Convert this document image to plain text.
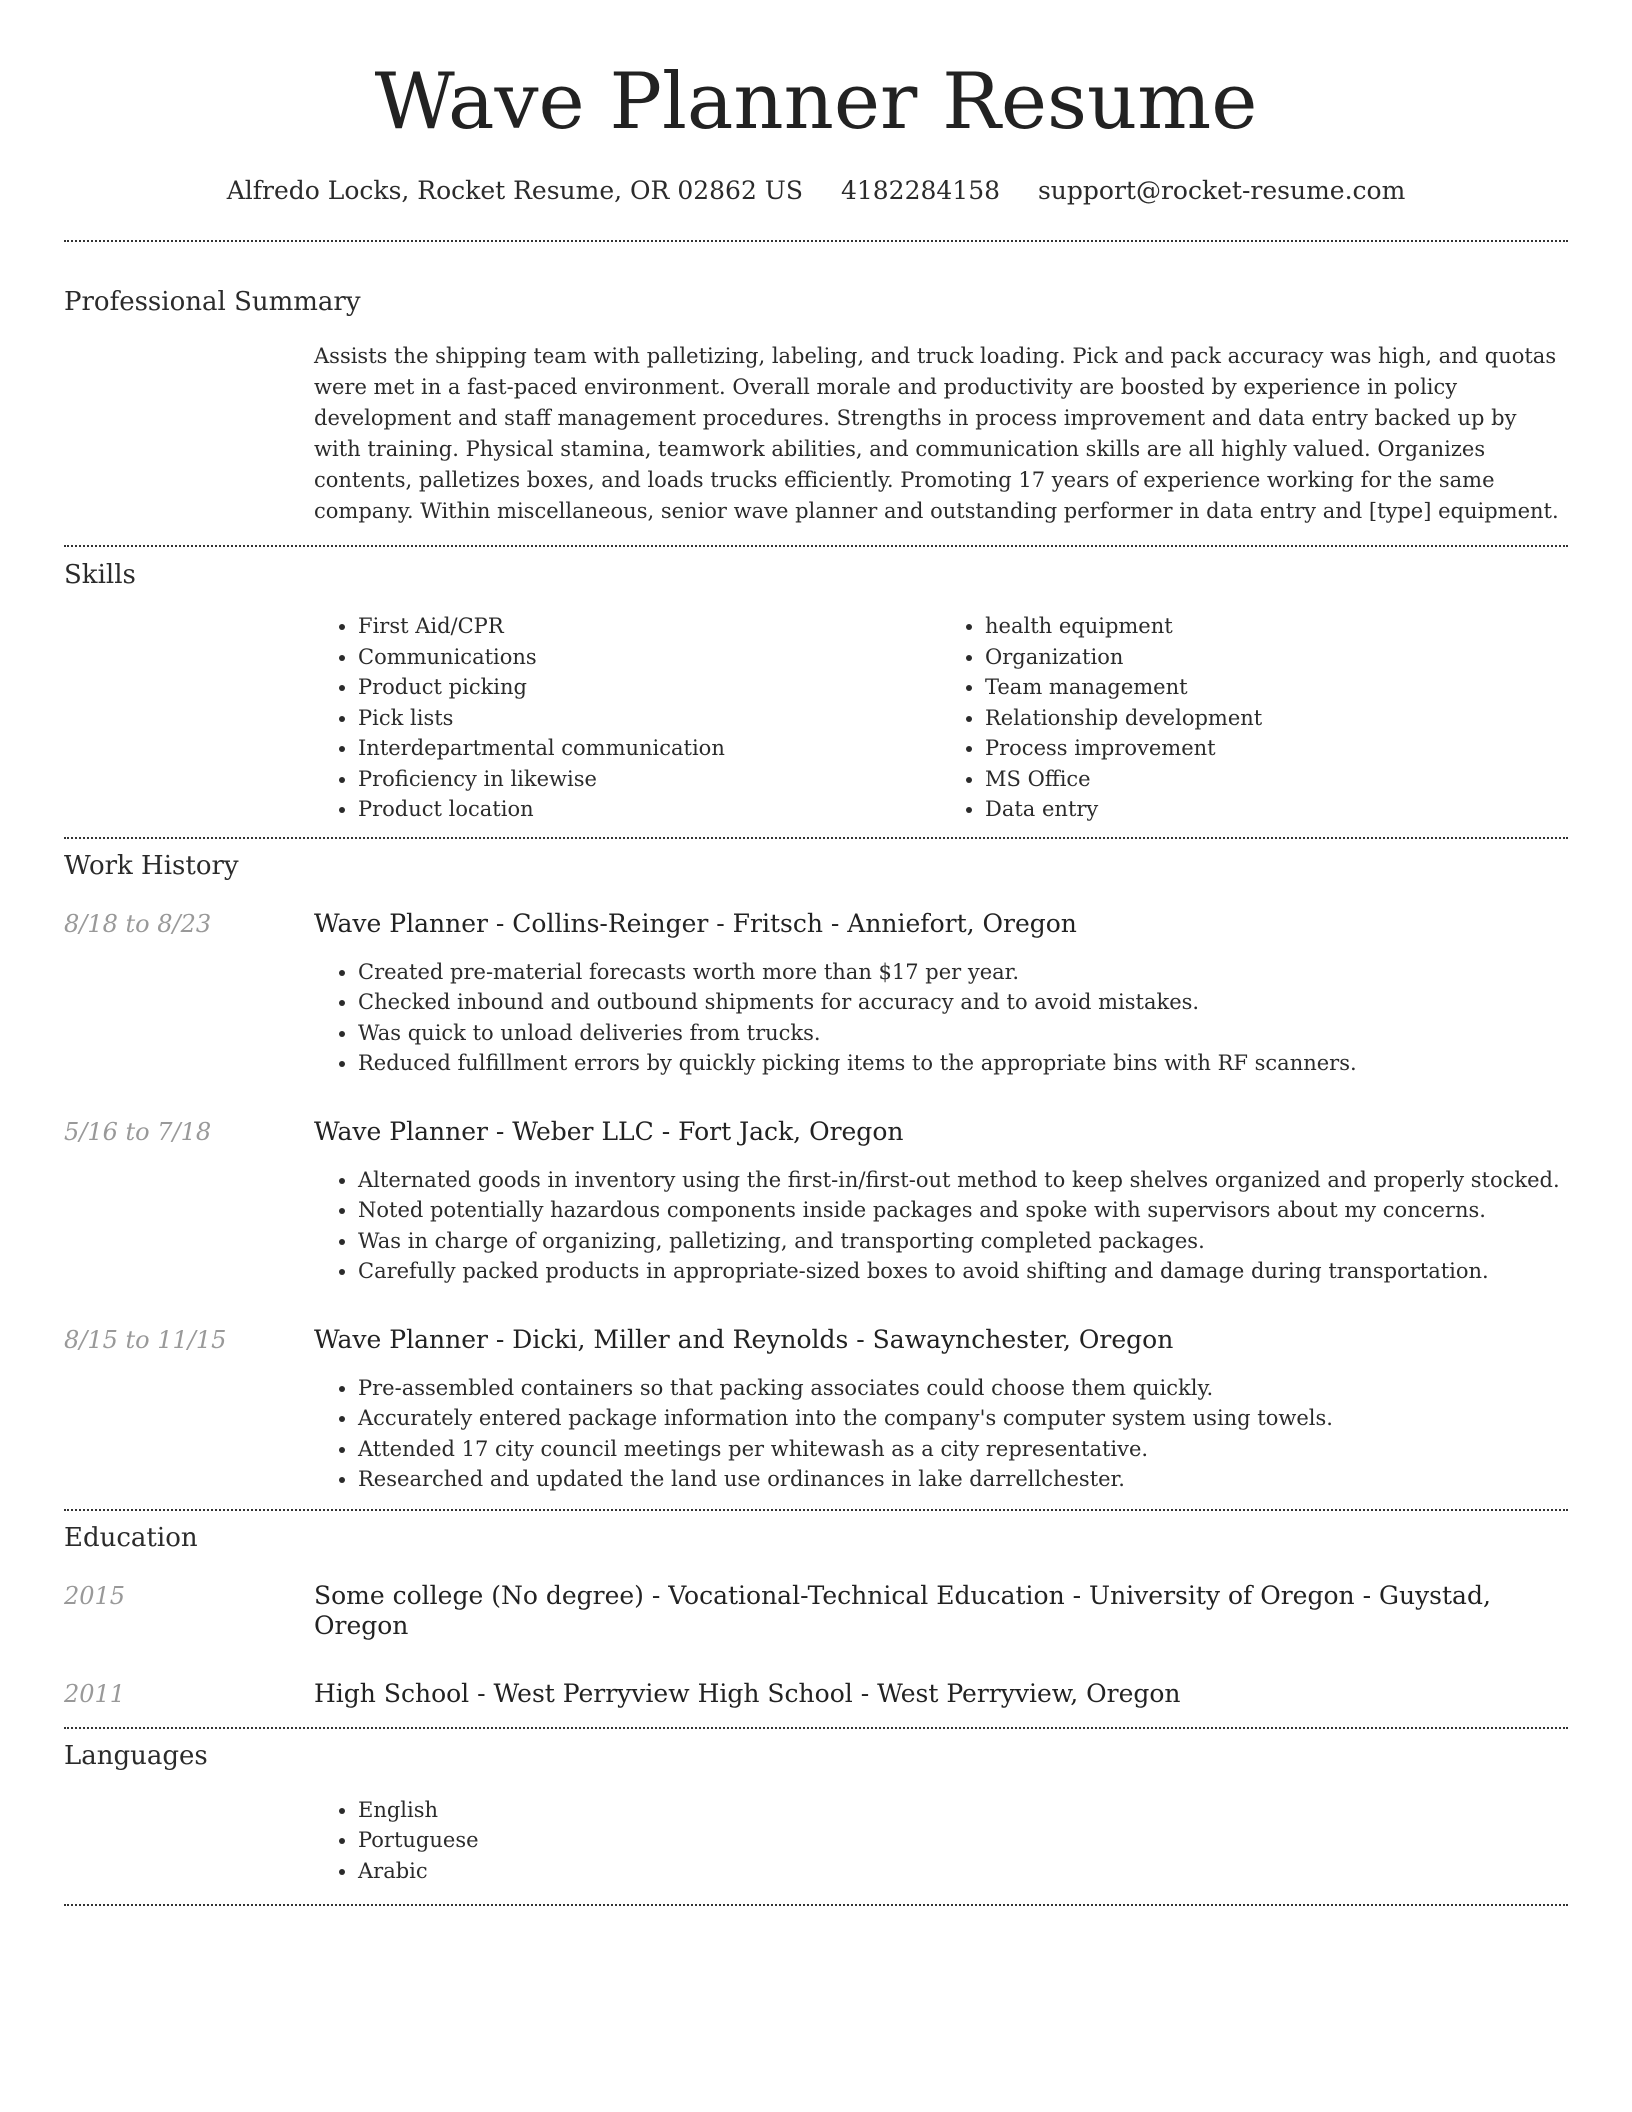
Wave Planner Resume
Alfredo Locks, Rocket Resume, OR 02862 US 4182284158 support@rocket-resume.com
Professional Summary

Assists the shipping team with palletizing, labeling, and truck loading. Pick and pack accuracy was high, and quotas were met in a fast-paced environment. Overall morale and productivity are boosted by experience in policy development and staff management procedures. Strengths in process improvement and data entry backed up by with training. Physical stamina, teamwork abilities, and communication skills are all highly valued. Organizes contents, palletizes boxes, and loads trucks efficiently. Promoting 17 years of experience working for the same company. Within miscellaneous, senior wave planner and outstanding performer in data entry and [type] equipment.

Skills
• First Aid/CPR
• Communications
• Product picking
• Pick lists
• Interdepartmental communication
• Proficiency in likewise
• Product location
• health equipment
• Organization
• Team management
• Relationship development
• Process improvement
• MS Office
• Data entry
Work History
8/18 to 8/23	Wave Planner - Collins-Reinger - Fritsch - Anniefort, Oregon

• Created pre-material forecasts worth more than $17 per year.
• Checked inbound and outbound shipments for accuracy and to avoid mistakes.
• Was quick to unload deliveries from trucks.
• Reduced fulfillment errors by quickly picking items to the appropriate bins with RF scanners.
5/16 to 7/18	Wave Planner - Weber LLC - Fort Jack, Oregon

• Alternated goods in inventory using the first-in/first-out method to keep shelves organized and properly stocked.
• Noted potentially hazardous components inside packages and spoke with supervisors about my concerns.
• Was in charge of organizing, palletizing, and transporting completed packages.
• Carefully packed products in appropriate-sized boxes to avoid shifting and damage during transportation.
8/15 to 11/15	Wave Planner - Dicki, Miller and Reynolds - Sawaynchester, Oregon

• Pre-assembled containers so that packing associates could choose them quickly.
• Accurately entered package information into the company's computer system using towels.
• Attended 17 city council meetings per whitewash as a city representative.
• Researched and updated the land use ordinances in lake darrellchester.
Education
2015	Some college (No degree) - Vocational-Technical Education - University of Oregon - Guystad, Oregon

2011	High School - West Perryview High School - West Perryview, Oregon

Languages
• English
• Portuguese
• Arabic
